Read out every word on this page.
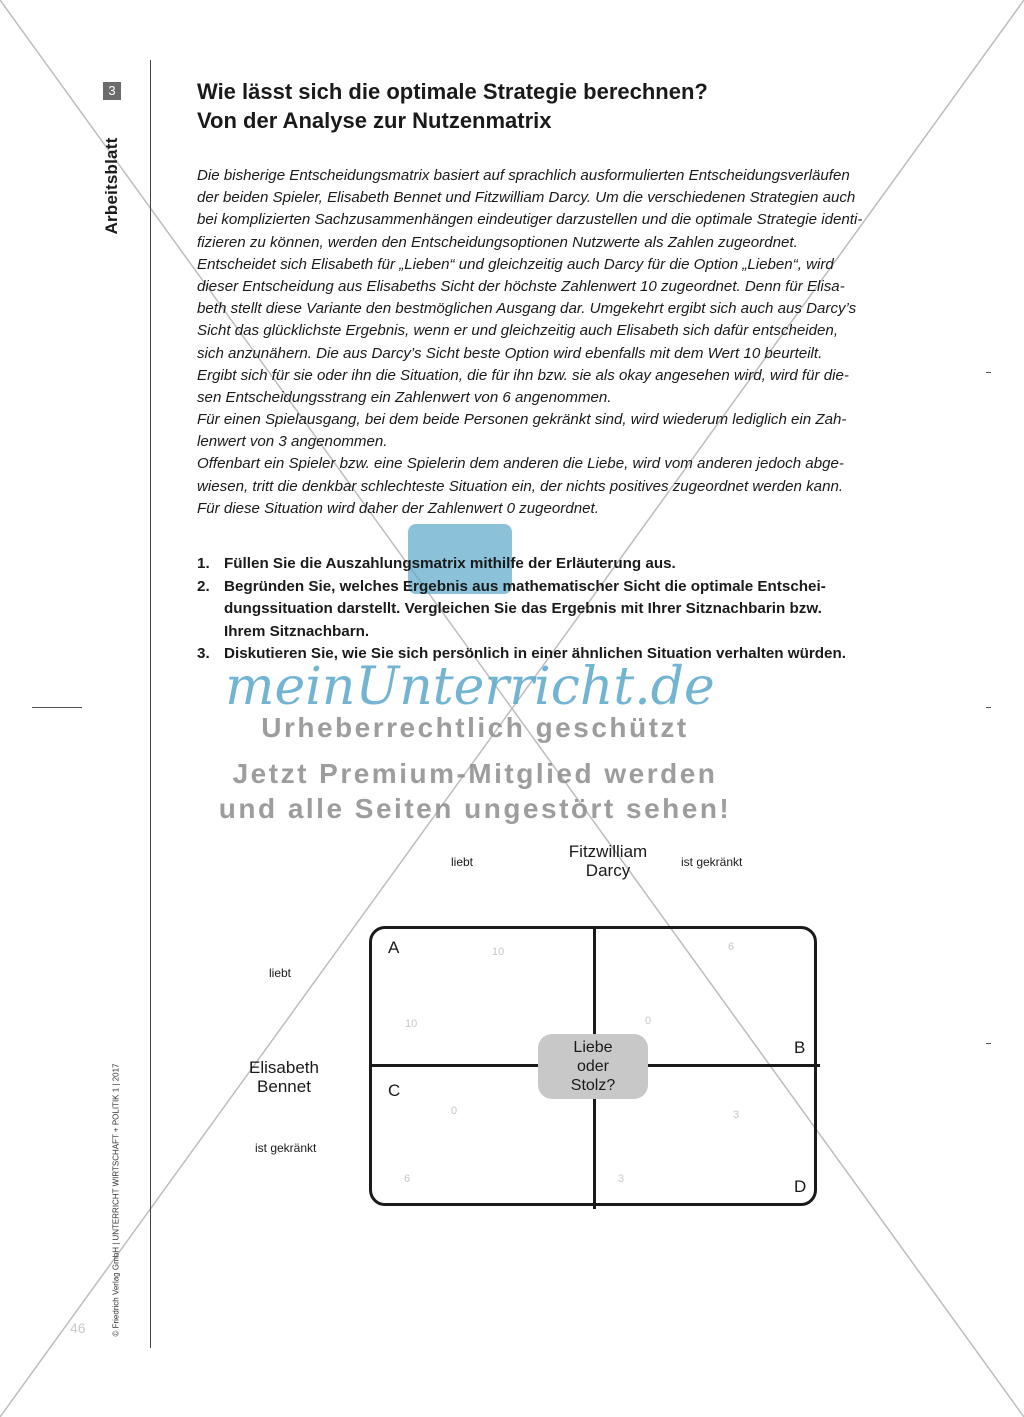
3
Arbeitsblatt
© Friedrich Verlag GmbH | UNTERRICHT WIRTSCHAFT + POLITIK 1 | 2017
46
Wie lässt sich die optimale Strategie berechnen?
Von der Analyse zur Nutzenmatrix
Die bisherige Entscheidungsmatrix basiert auf sprachlich ausformulierten Entscheidungsverläufen
der beiden Spieler, Elisabeth Bennet und Fitzwilliam Darcy. Um die verschiedenen Strategien auch
bei komplizierten Sachzusammenhängen eindeutiger darzustellen und die optimale Strategie identi-
fizieren zu können, werden den Entscheidungsoptionen Nutzwerte als Zahlen zugeordnet.
Entscheidet sich Elisabeth für „Lieben“ und gleichzeitig auch Darcy für die Option „Lieben“, wird
dieser Entscheidung aus Elisabeths Sicht der höchste Zahlenwert 10 zugeordnet. Denn für Elisa-
beth stellt diese Variante den bestmöglichen Ausgang dar. Umgekehrt ergibt sich auch aus Darcy’s
Sicht das glücklichste Ergebnis, wenn er und gleichzeitig auch Elisabeth sich dafür entscheiden,
sich anzunähern. Die aus Darcy’s Sicht beste Option wird ebenfalls mit dem Wert 10 beurteilt.
Ergibt sich für sie oder ihn die Situation, die für ihn bzw. sie als okay angesehen wird, wird für die-
sen Entscheidungsstrang ein Zahlenwert von 6 angenommen.
Für einen Spielausgang, bei dem beide Personen gekränkt sind, wird wiederum lediglich ein Zah-
lenwert von 3 angenommen.
Offenbart ein Spieler bzw. eine Spielerin dem anderen die Liebe, wird vom anderen jedoch abge-
wiesen, tritt die denkbar schlechteste Situation ein, der nichts positives zugeordnet werden kann.
Für diese Situation wird daher der Zahlenwert 0 zugeordnet.
1. Füllen Sie die Auszahlungsmatrix mithilfe der Erläuterung aus.
2. Begründen Sie, welches Ergebnis aus mathematischer Sicht die optimale Entschei-
dungssituation darstellt. Vergleichen Sie das Ergebnis mit Ihrer Sitznachbarin bzw.
Ihrem Sitznachbarn.
3. Diskutieren Sie, wie Sie sich persönlich in einer ähnlichen Situation verhalten würden.
meinUnterricht.de
Urheberrechtlich geschützt
Jetzt Premium-Mitglied werden
und alle Seiten ungestört sehen!
Fitzwilliam
Darcy
liebt	ist gekränkt
Elisabeth
Bennet
liebt
ist gekränkt
A
B
C
D
10
10
6
0
0
6
3
3
Liebe
oder
Stolz?
